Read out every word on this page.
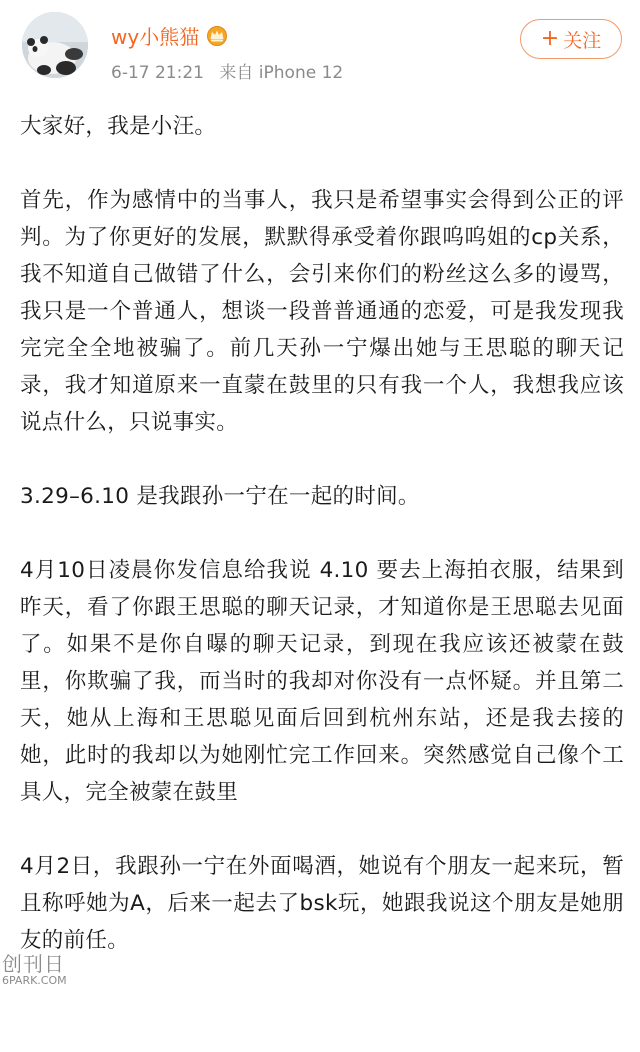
wy小熊猫
6-17 21:21 来自 iPhone 12
+ 关注

大家好，我是小汪。

首先，作为感情中的当事人，我只是希望事实会得到公正的评判。为了你更好的发展，默默得承受着你跟呜呜姐的cp关系，我不知道自己做错了什么，会引来你们的粉丝这么多的谩骂，我只是一个普通人，想谈一段普普通通的恋爱，可是我发现我完完全全地被骗了。前几天孙一宁爆出她与王思聪的聊天记录，我才知道原来一直蒙在鼓里的只有我一个人，我想我应该说点什么，只说事实。

3.29–6.10 是我跟孙一宁在一起的时间。

4月10日凌晨你发信息给我说 4.10 要去上海拍衣服，结果到昨天，看了你跟王思聪的聊天记录，才知道你是王思聪去见面了。如果不是你自曝的聊天记录，到现在我应该还被蒙在鼓里，你欺骗了我，而当时的我却对你没有一点怀疑。并且第二天，她从上海和王思聪见面后回到杭州东站，还是我去接的她，此时的我却以为她刚忙完工作回来。突然感觉自己像个工具人，完全被蒙在鼓里

4月2日，我跟孙一宁在外面喝酒，她说有个朋友一起来玩，暂且称呼她为A，后来一起去了bsk玩，她跟我说这个朋友是她朋友的前任。

创刊日
6PARK.COM
